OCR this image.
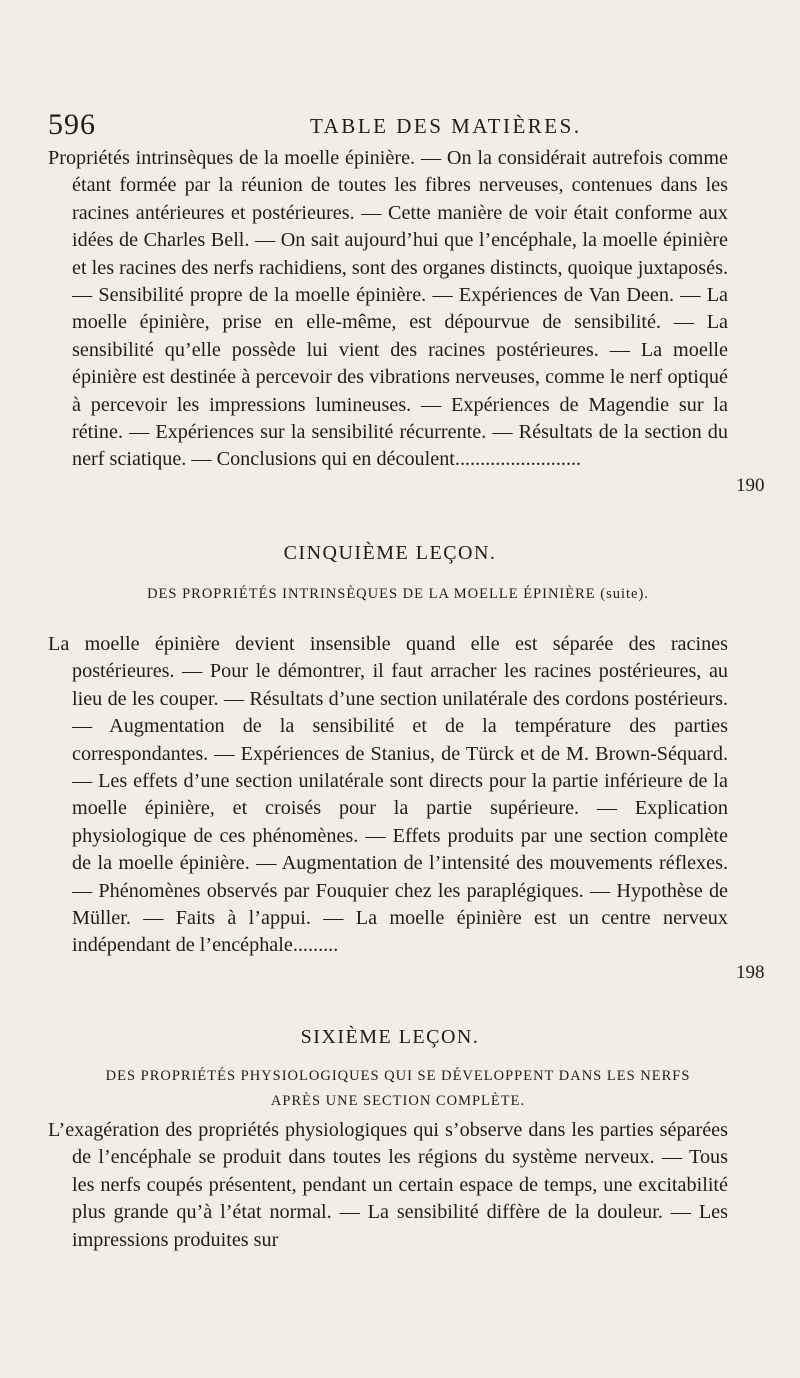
596	TABLE DES MATIÈRES.

Propriétés intrinsèques de la moelle épinière. — On la considérait autrefois comme étant formée par la réunion de toutes les fibres nerveuses, contenues dans les racines antérieures et postérieures. — Cette manière de voir était conforme aux idées de Charles Bell. — On sait aujourd’hui que l’encéphale, la moelle épinière et les racines des nerfs rachidiens, sont des organes distincts, quoique juxtaposés. — Sensibilité propre de la moelle épinière. — Expériences de Van Deen. — La moelle épinière, prise en elle-même, est dépourvue de sensibilité. — La sensibilité qu’elle possède lui vient des racines postérieures. — La moelle épinière est destinée à percevoir des vibrations nerveuses, comme le nerf optiqué à percevoir les impressions lumineuses. — Expériences de Magendie sur la rétine. — Expériences sur la sensibilité récurrente. — Résultats de la section du nerf sciatique. — Conclusions qui en découlent.........................

190
CINQUIÈME LEÇON.
DES PROPRIÉTÉS INTRINSÈQUES DE LA MOELLE ÉPINIÈRE (suite).

La moelle épinière devient insensible quand elle est séparée des racines postérieures. — Pour le démontrer, il faut arracher les racines postérieures, au lieu de les couper. — Résultats d’une section unilatérale des cordons postérieurs. — Augmentation de la sensibilité et de la température des parties correspondantes. — Expériences de Stanius, de Türck et de M. Brown-Séquard. — Les effets d’une section unilatérale sont directs pour la partie inférieure de la moelle épinière, et croisés pour la partie supérieure. — Explication physiologique de ces phénomènes. — Effets produits par une section complète de la moelle épinière. — Augmentation de l’intensité des mouvements réflexes. — Phénomènes observés par Fouquier chez les paraplégiques. — Hypothèse de Müller. — Faits à l’appui. — La moelle épinière est un centre nerveux indépendant de l’encéphale.........

198
SIXIÈME LEÇON.
DES PROPRIÉTÉS PHYSIOLOGIQUES QUI SE DÉVELOPPENT DANS LES NERFS
APRÈS UNE SECTION COMPLÈTE.

L’exagération des propriétés physiologiques qui s’observe dans les parties séparées de l’encéphale se produit dans toutes les régions du système nerveux. — Tous les nerfs coupés présentent, pendant un certain espace de temps, une excitabilité plus grande qu’à l’état normal. — La sensibilité diffère de la douleur. — Les impressions produites sur
